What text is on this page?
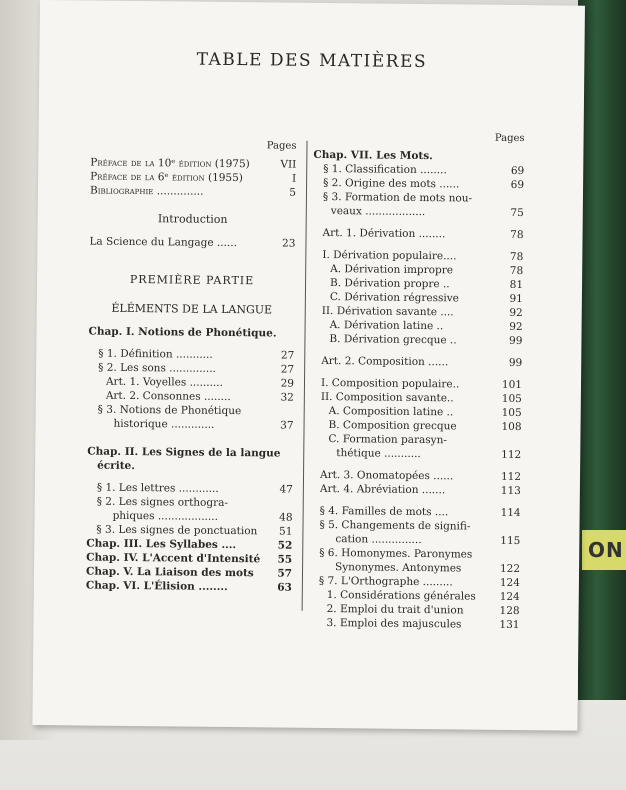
ON
TABLE DES MATIÈRES
Pages
Préface de la 10ᵉ édition (1975)	VII
Préface de la 6ᵉ édition (1955)	I
Bibliographie ..............	5
Introduction
La Science du Langage ......	23
PREMIÈRE PARTIE
ÉLÉMENTS DE LA LANGUE
Chap. I. Notions de Phonétique.
§ 1. Définition ...........	27
§ 2. Les sons ..............	27
Art. 1. Voyelles ..........	29
Art. 2. Consonnes ........	32
§ 3. Notions de Phonétique
historique .............	37
Chap. II. Les Signes de la langue
écrite.
§ 1. Les lettres ............	47
§ 2. Les signes orthogra-
phiques ..................	48
§ 3. Les signes de ponctuation	51
Chap. III. Les Syllabes ....	52
Chap. IV. L'Accent d'Intensité	55
Chap. V. La Liaison des mots	57
Chap. VI. L'Élision ........	63
Pages
Chap. VII. Les Mots.
§ 1. Classification ........	69
§ 2. Origine des mots ......	69
§ 3. Formation de mots nou-
veaux ..................	75
Art. 1. Dérivation ........	78
I. Dérivation populaire....	78
A. Dérivation impropre	78
B. Dérivation propre ..	81
C. Dérivation régressive	91
II. Dérivation savante ....	92
A. Dérivation latine ..	92
B. Dérivation grecque ..	99
Art. 2. Composition ......	99
I. Composition populaire..	101
II. Composition savante..	105
A. Composition latine ..	105
B. Composition grecque	108
C. Formation parasyn-
thétique ...........	112
Art. 3. Onomatopées ......	112
Art. 4. Abréviation .......	113
§ 4. Familles de mots ....	114
§ 5. Changements de signifi-
cation ...............	115
§ 6. Homonymes. Paronymes
Synonymes. Antonymes	122
§ 7. L'Orthographe .........	124
1. Considérations générales	124
2. Emploi du trait d'union	128
3. Emploi des majuscules	131
